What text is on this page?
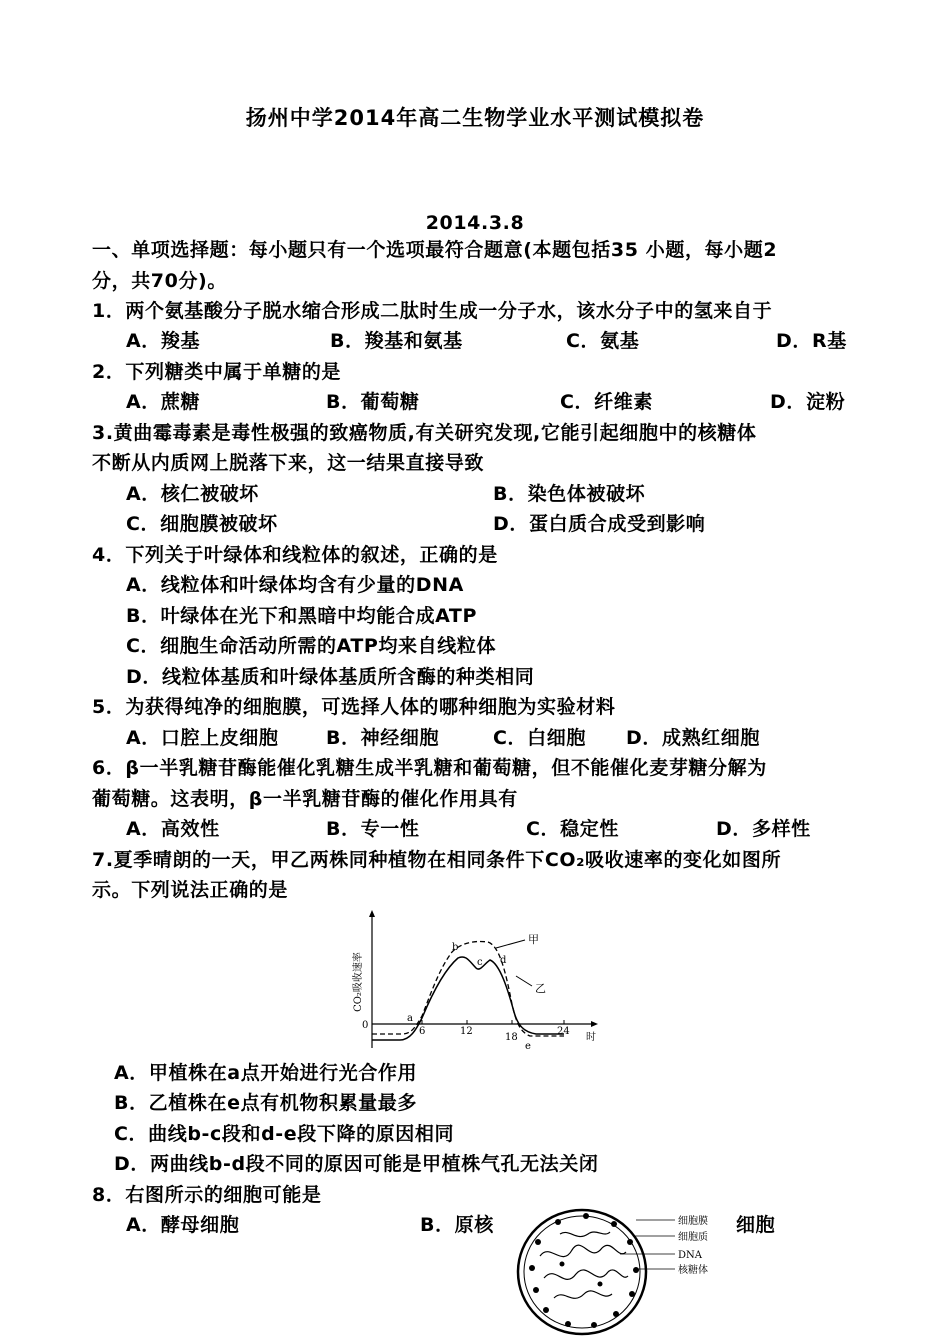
扬州中学2014年高二生物学业水平测试模拟卷
2014.3.8
一、单项选择题：每小题只有一个选项最符合题意(本题包括35 小题，每小题2
分，共70分)。
1．两个氨基酸分子脱水缩合形成二肽时生成一分子水，该水分子中的氢来自于
A．羧基	B．羧基和氨基	C．氨基	D．R基
2．下列糖类中属于单糖的是
A．蔗糖	B．葡萄糖	C．纤维素	D．淀粉
3.黄曲霉毒素是毒性极强的致癌物质,有关研究发现,它能引起细胞中的核糖体
不断从内质网上脱落下来，这一结果直接导致
A．核仁被破坏	B．染色体被破坏
C．细胞膜被破坏	D．蛋白质合成受到影响
4．下列关于叶绿体和线粒体的叙述，正确的是
A．线粒体和叶绿体均含有少量的DNA
B．叶绿体在光下和黑暗中均能合成ATP
C．细胞生命活动所需的ATP均来自线粒体
D．线粒体基质和叶绿体基质所含酶的种类相同
5．为获得纯净的细胞膜，可选择人体的哪种细胞为实验材料
A．口腔上皮细胞 B．神经细胞	C．白细胞 D．成熟红细胞
6．β一半乳糖苷酶能催化乳糖生成半乳糖和葡萄糖，但不能催化麦芽糖分解为
葡萄糖。这表明，β一半乳糖苷酶的催化作用具有
A．高效性	B．专一性	C．稳定性	D．多样性
7.夏季晴朗的一天，甲乙两株同种植物在相同条件下CO₂吸收速率的变化如图所
示。下列说法正确的是
CO₂吸收速率
0
6	12
18
24
时
a
b
c d
e
甲
乙
A．甲植株在a点开始进行光合作用
B．乙植株在e点有机物积累量最多
C．曲线b-c段和d-e段下降的原因相同
D．两曲线b-d段不同的原因可能是甲植株气孔无法关闭
8．右图所示的细胞可能是
A．酵母细胞	B．原核	细胞
细胞膜
细胞质
DNA
核糖体
